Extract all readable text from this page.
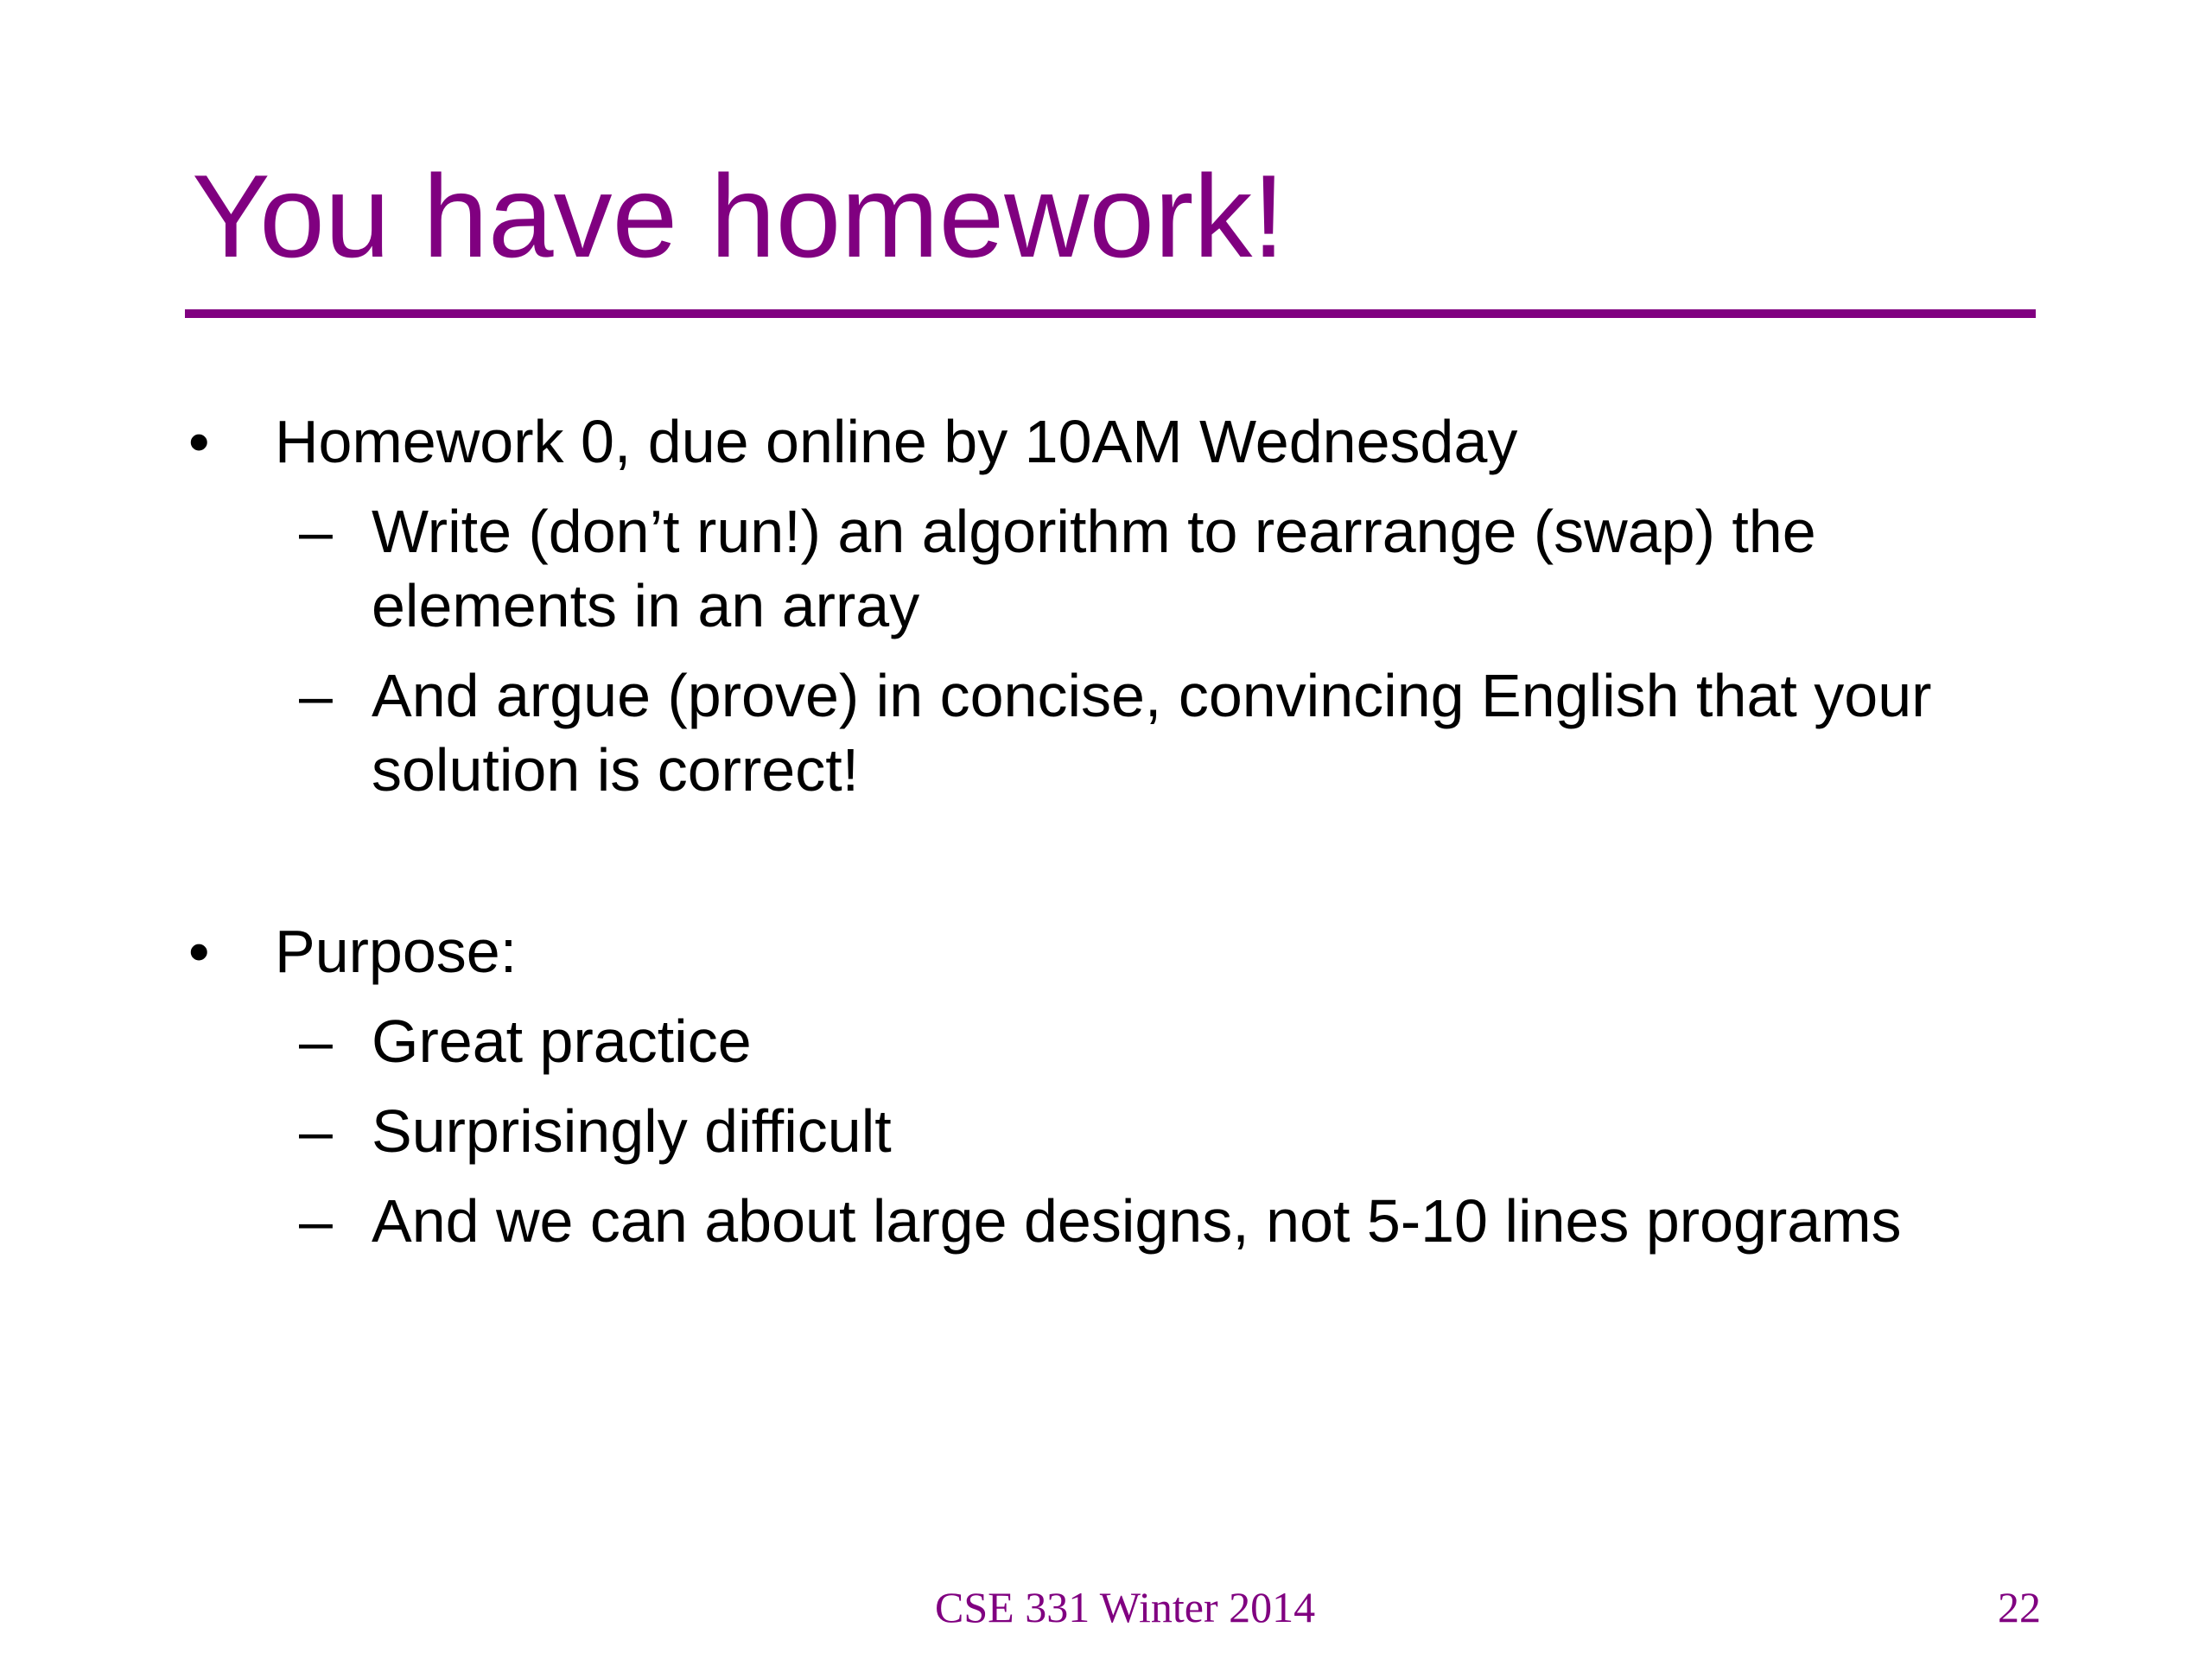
You have homework!
• Homework 0, due online by 10AM Wednesday
– Write (don’t run!) an algorithm to rearrange (swap) the elements in an array
– And argue (prove) in concise, convincing English that your solution is correct!
• Purpose:
– Great practice
– Surprisingly difficult
– And we can about large designs, not 5-10 lines programs
CSE 331 Winter 2014	22
